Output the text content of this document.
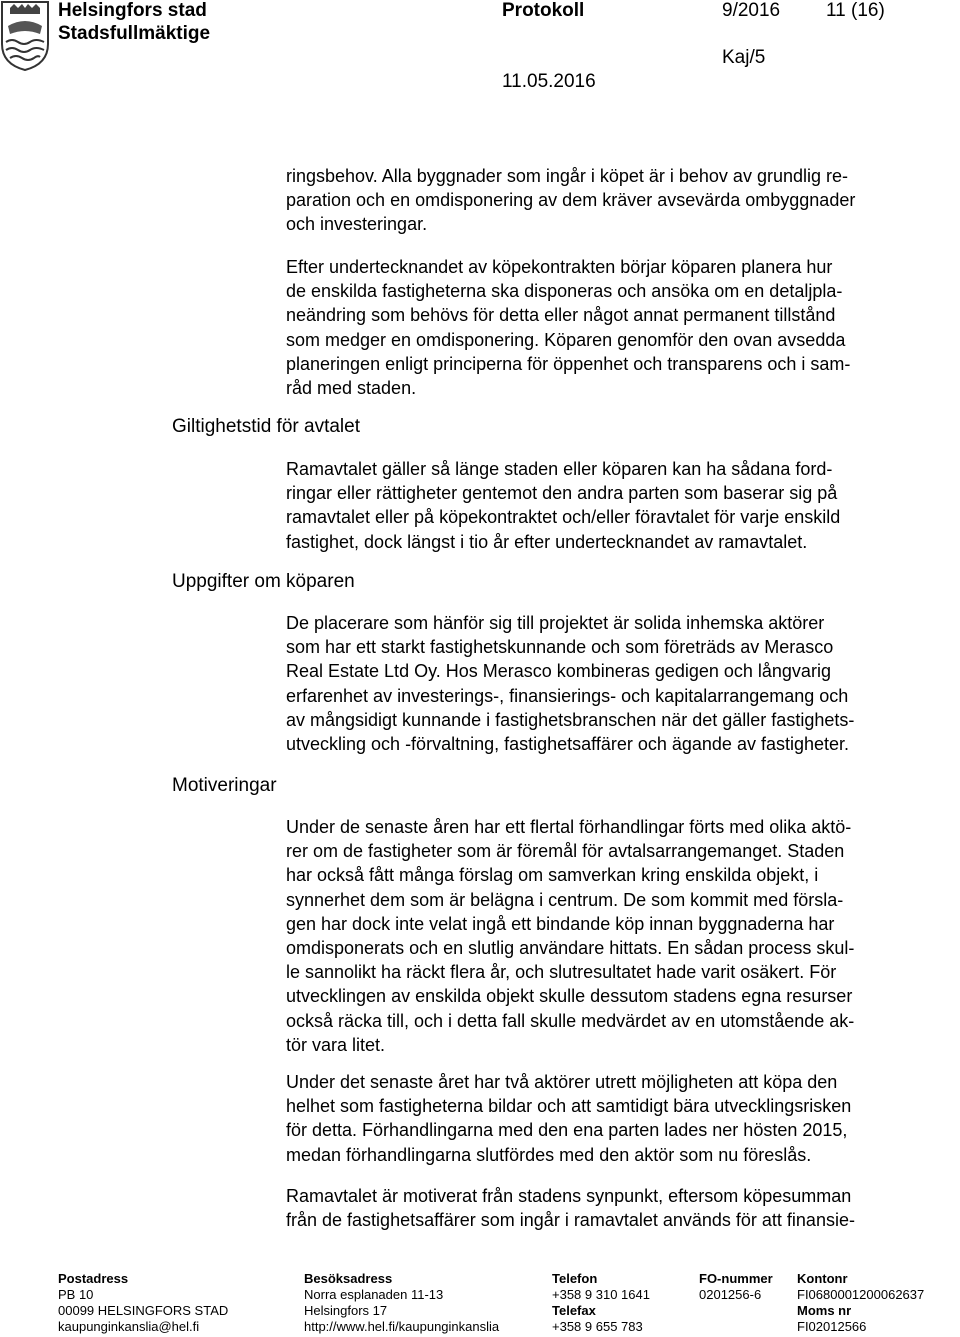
Helsingfors stad
Stadsfullmäktige
Protokoll	9/2016 11 (16)
Kaj/5
11.05.2016
Giltighetstid för avtalet
Uppgifter om köparen
Motiveringar

ringsbehov. Alla byggnader som ingår i köpet är i behov av grundlig re-

paration och en omdisponering av dem kräver avsevärda ombyggnader

och investeringar.

Efter undertecknandet av köpekontrakten börjar köparen planera hur

de enskilda fastigheterna ska disponeras och ansöka om en detaljpla-

neändring som behövs för detta eller något annat permanent tillstånd

som medger en omdisponering. Köparen genomför den ovan avsedda

planeringen enligt principerna för öppenhet och transparens och i sam-

råd med staden.

Ramavtalet gäller så länge staden eller köparen kan ha sådana ford-

ringar eller rättigheter gentemot den andra parten som baserar sig på

ramavtalet eller på köpekontraktet och/eller föravtalet för varje enskild

fastighet, dock längst i tio år efter undertecknandet av ramavtalet.

De placerare som hänför sig till projektet är solida inhemska aktörer

som har ett starkt fastighetskunnande och som företräds av Merasco

Real Estate Ltd Oy. Hos Merasco kombineras gedigen och långvarig

erfarenhet av investerings-, finansierings- och kapitalarrangemang och

av mångsidigt kunnande i fastighetsbranschen när det gäller fastighets-

utveckling och -förvaltning, fastighetsaffärer och ägande av fastigheter.

Under de senaste åren har ett flertal förhandlingar förts med olika aktö-

rer om de fastigheter som är föremål för avtalsarrangemanget. Staden

har också fått många förslag om samverkan kring enskilda objekt, i

synnerhet dem som är belägna i centrum. De som kommit med försla-

gen har dock inte velat ingå ett bindande köp innan byggnaderna har

omdisponerats och en slutlig användare hittats. En sådan process skul-

le sannolikt ha räckt flera år, och slutresultatet hade varit osäkert. För

utvecklingen av enskilda objekt skulle dessutom stadens egna resurser

också räcka till, och i detta fall skulle medvärdet av en utomstående ak-

tör vara litet.

Under det senaste året har två aktörer utrett möjligheten att köpa den

helhet som fastigheterna bildar och att samtidigt bära utvecklingsrisken

för detta. Förhandlingarna med den ena parten lades ner hösten 2015,

medan förhandlingarna slutfördes med den aktör som nu föreslås.

Ramavtalet är motiverat från stadens synpunkt, eftersom köpesumman

från de fastighetsaffärer som ingår i ramavtalet används för att finansie-

Postadress
PB 10
00099 HELSINGFORS STAD
kaupunginkanslia@hel.fi
Besöksadress
Norra esplanaden 11-13
Helsingfors 17
http://www.hel.fi/kaupunginkanslia
Telefon
+358 9 310 1641
Telefax
+358 9 655 783
FO-nummer
0201256-6
Kontonr
FI0680001200062637
Moms nr
FI02012566
